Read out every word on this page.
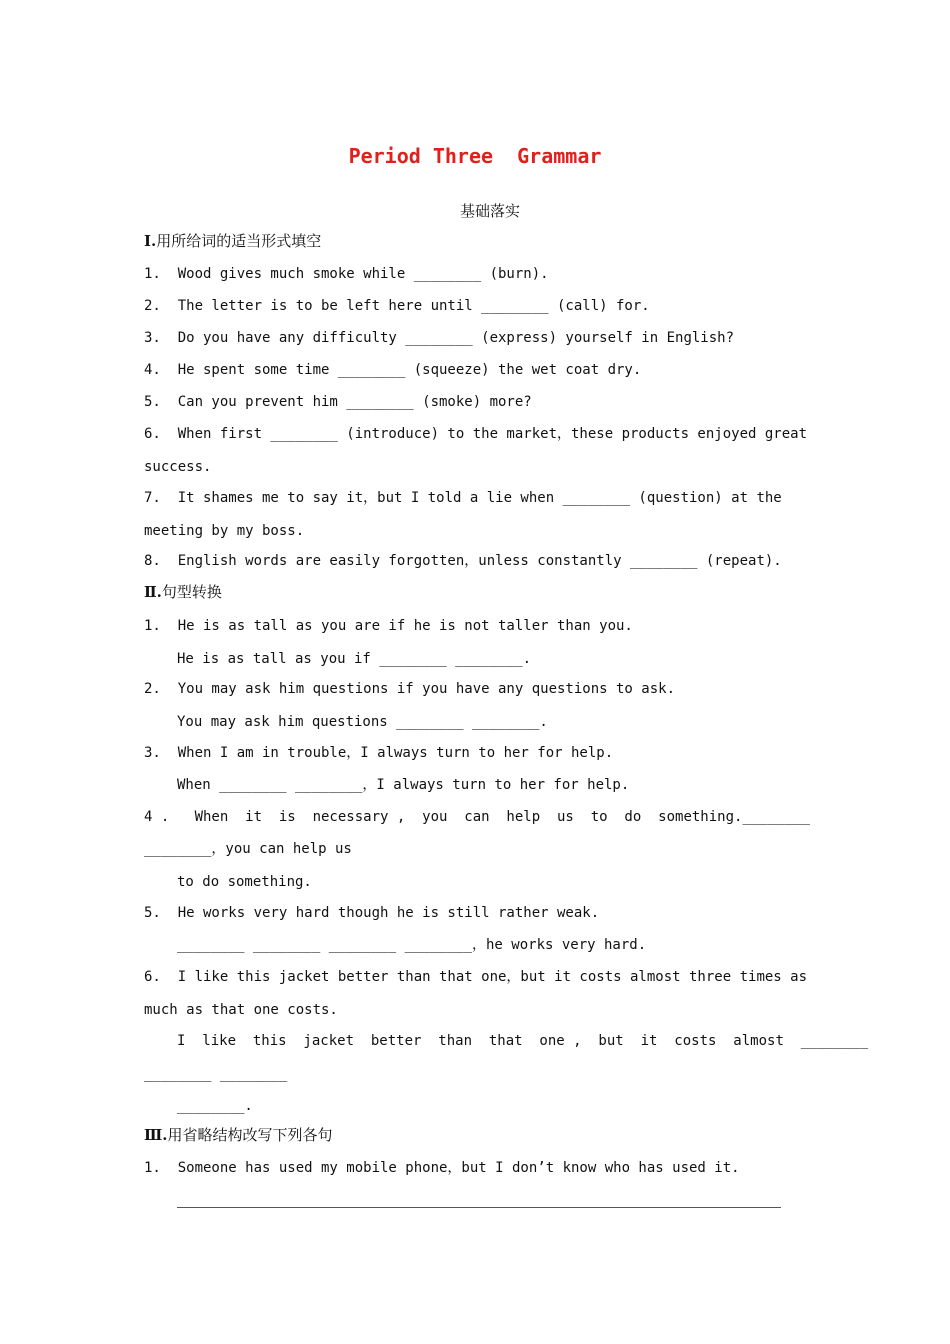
Period Three  Grammar
基础落实
Ⅰ.用所给词的适当形式填空
1.  Wood gives much smoke while ________ (burn).
2.  The letter is to be left here until ________ (call) for.
3.  Do you have any difficulty ________ (express) yourself in English?
4.  He spent some time ________ (squeeze) the wet coat dry.
5.  Can you prevent him ________ (smoke) more?
6.  When first ________ (introduce) to the market，these products enjoyed great
success.
7.  It shames me to say it，but I told a lie when ________ (question) at the
meeting by my boss.
8.  English words are easily forgotten，unless constantly ________ (repeat).
Ⅱ.句型转换
1.  He is as tall as you are if he is not taller than you.
He is as tall as you if ________ ________.
2.  You may ask him questions if you have any questions to ask.
You may ask him questions ________ ________.
3.  When I am in trouble，I always turn to her for help.
When ________ ________，I always turn to her for help.
4 .   When  it  is  necessary ,  you  can  help  us  to  do  something.________
________，you can help us
to do something.
5.  He works very hard though he is still rather weak.
________ ________ ________ ________，he works very hard.
6.  I like this jacket better than that one，but it costs almost three times as
much as that one costs.
I  like  this  jacket  better  than  that  one ,  but  it  costs  almost  ________
________ ________
________.
Ⅲ.用省略结构改写下列各句
1.  Someone has used my mobile phone，but I don’t know who has used it.
